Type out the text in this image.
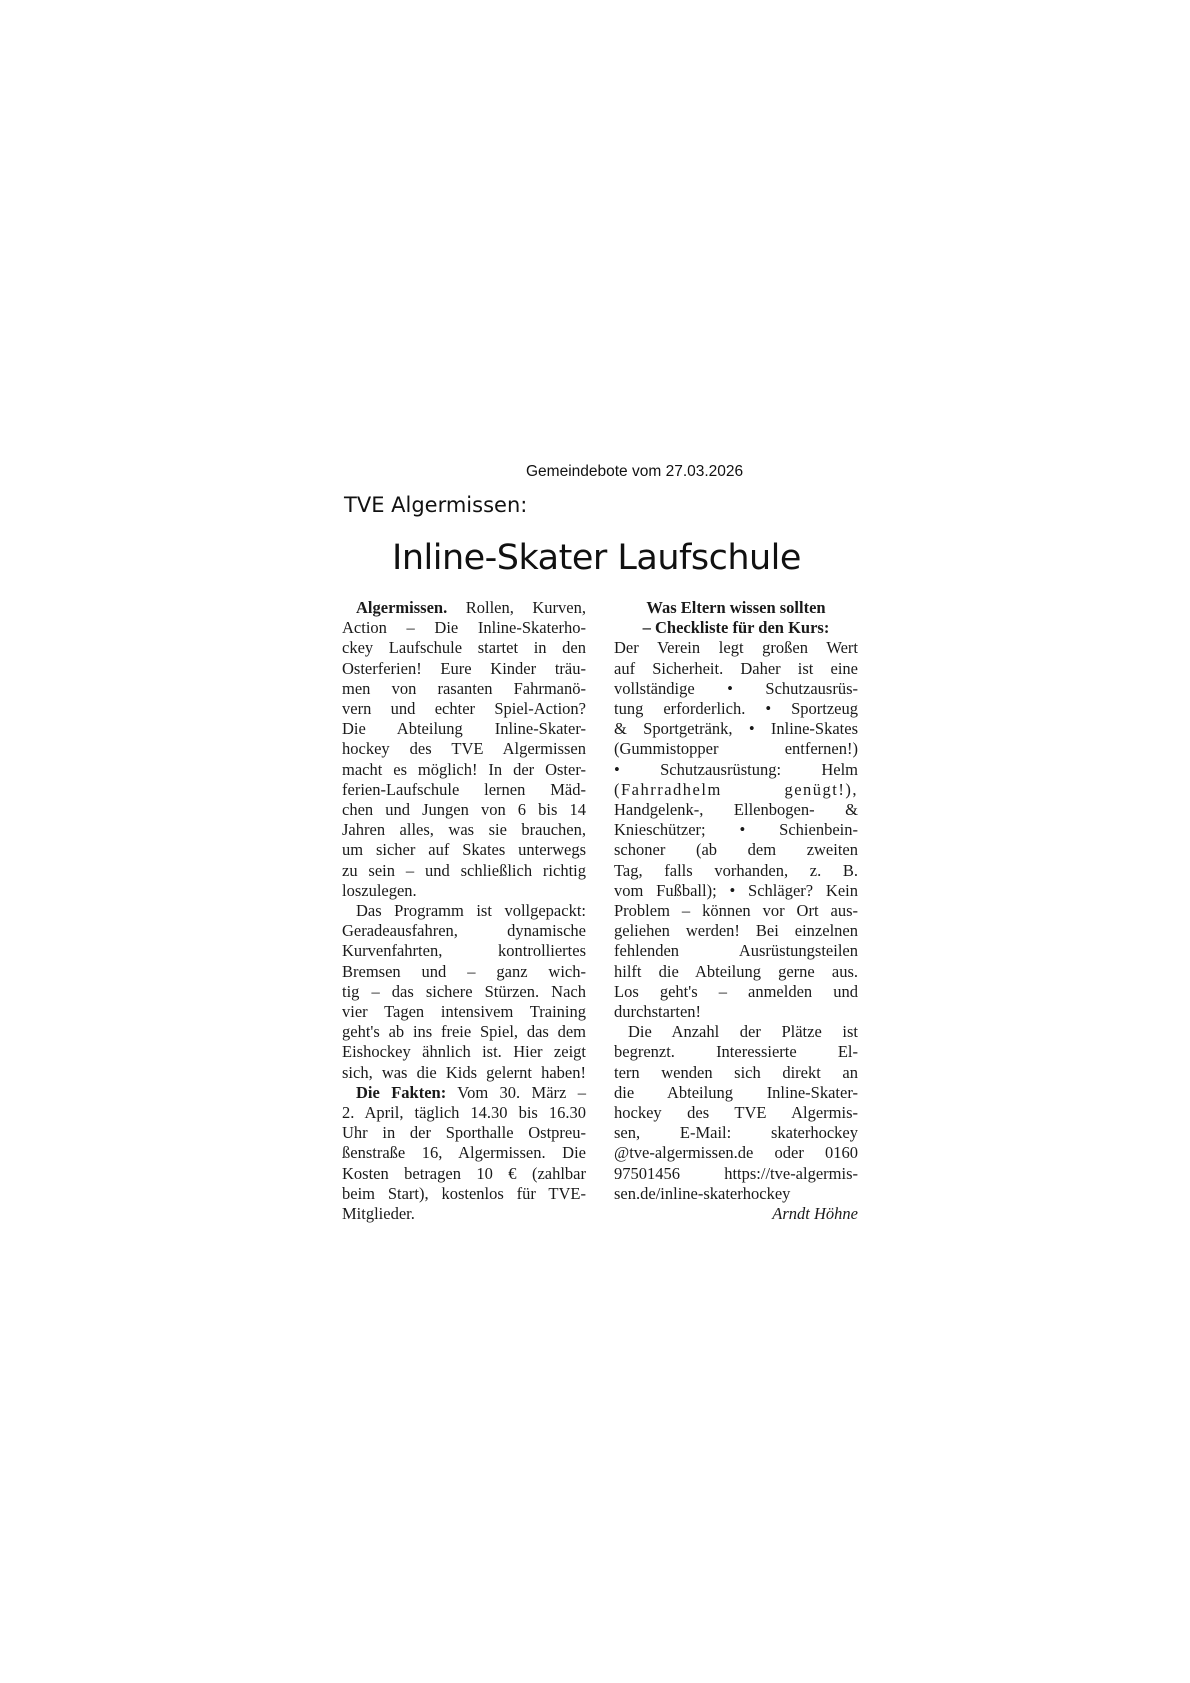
Gemeindebote vom 27.03.2026
TVE Algermissen:
Inline-Skater Laufschule
Algermissen. Rollen, Kurven,
Action – Die Inline-Skaterho-
ckey Laufschule startet in den
Osterferien! Eure Kinder träu-
men von rasanten Fahrmanö-
vern und echter Spiel-Action?
Die Abteilung Inline-Skater-
hockey des TVE Algermissen
macht es möglich! In der Oster-
ferien-Laufschule lernen Mäd-
chen und Jungen von 6 bis 14
Jahren alles, was sie brauchen,
um sicher auf Skates unterwegs
zu sein – und schließlich richtig
loszulegen.
Das Programm ist vollgepackt:
Geradeausfahren, dynamische
Kurvenfahrten, kontrolliertes
Bremsen und – ganz wich-
tig – das sichere Stürzen. Nach
vier Tagen intensivem Training
geht's ab ins freie Spiel, das dem
Eishockey ähnlich ist. Hier zeigt
sich, was die Kids gelernt haben!
Die Fakten: Vom 30. März –
2. April, täglich 14.30 bis 16.30
Uhr in der Sporthalle Ostpreu-
ßenstraße 16, Algermissen. Die
Kosten betragen 10 € (zahlbar
beim Start), kostenlos für TVE-
Mitglieder.
Was Eltern wissen sollten
– Checkliste für den Kurs:
Der Verein legt großen Wert
auf Sicherheit. Daher ist eine
vollständige • Schutzausrüs-
tung erforderlich. • Sportzeug
& Sportgetränk, • Inline-Skates
(Gummistopper entfernen!)
• Schutzausrüstung: Helm
(Fahrradhelm genügt!),
Handgelenk-, Ellenbogen- &
Knieschützer; • Schienbein-
schoner (ab dem zweiten
Tag, falls vorhanden, z. B.
vom Fußball); • Schläger? Kein
Problem – können vor Ort aus-
geliehen werden! Bei einzelnen
fehlenden Ausrüstungsteilen
hilft die Abteilung gerne aus.
Los geht's – anmelden und
durchstarten!
Die Anzahl der Plätze ist
begrenzt. Interessierte El-
tern wenden sich direkt an
die Abteilung Inline-Skater-
hockey des TVE Algermis-
sen, E-Mail: skaterhockey
@tve-algermissen.de oder 0160
97501456 https://tve-algermis-
sen.de/inline-skaterhockey
Arndt Höhne
